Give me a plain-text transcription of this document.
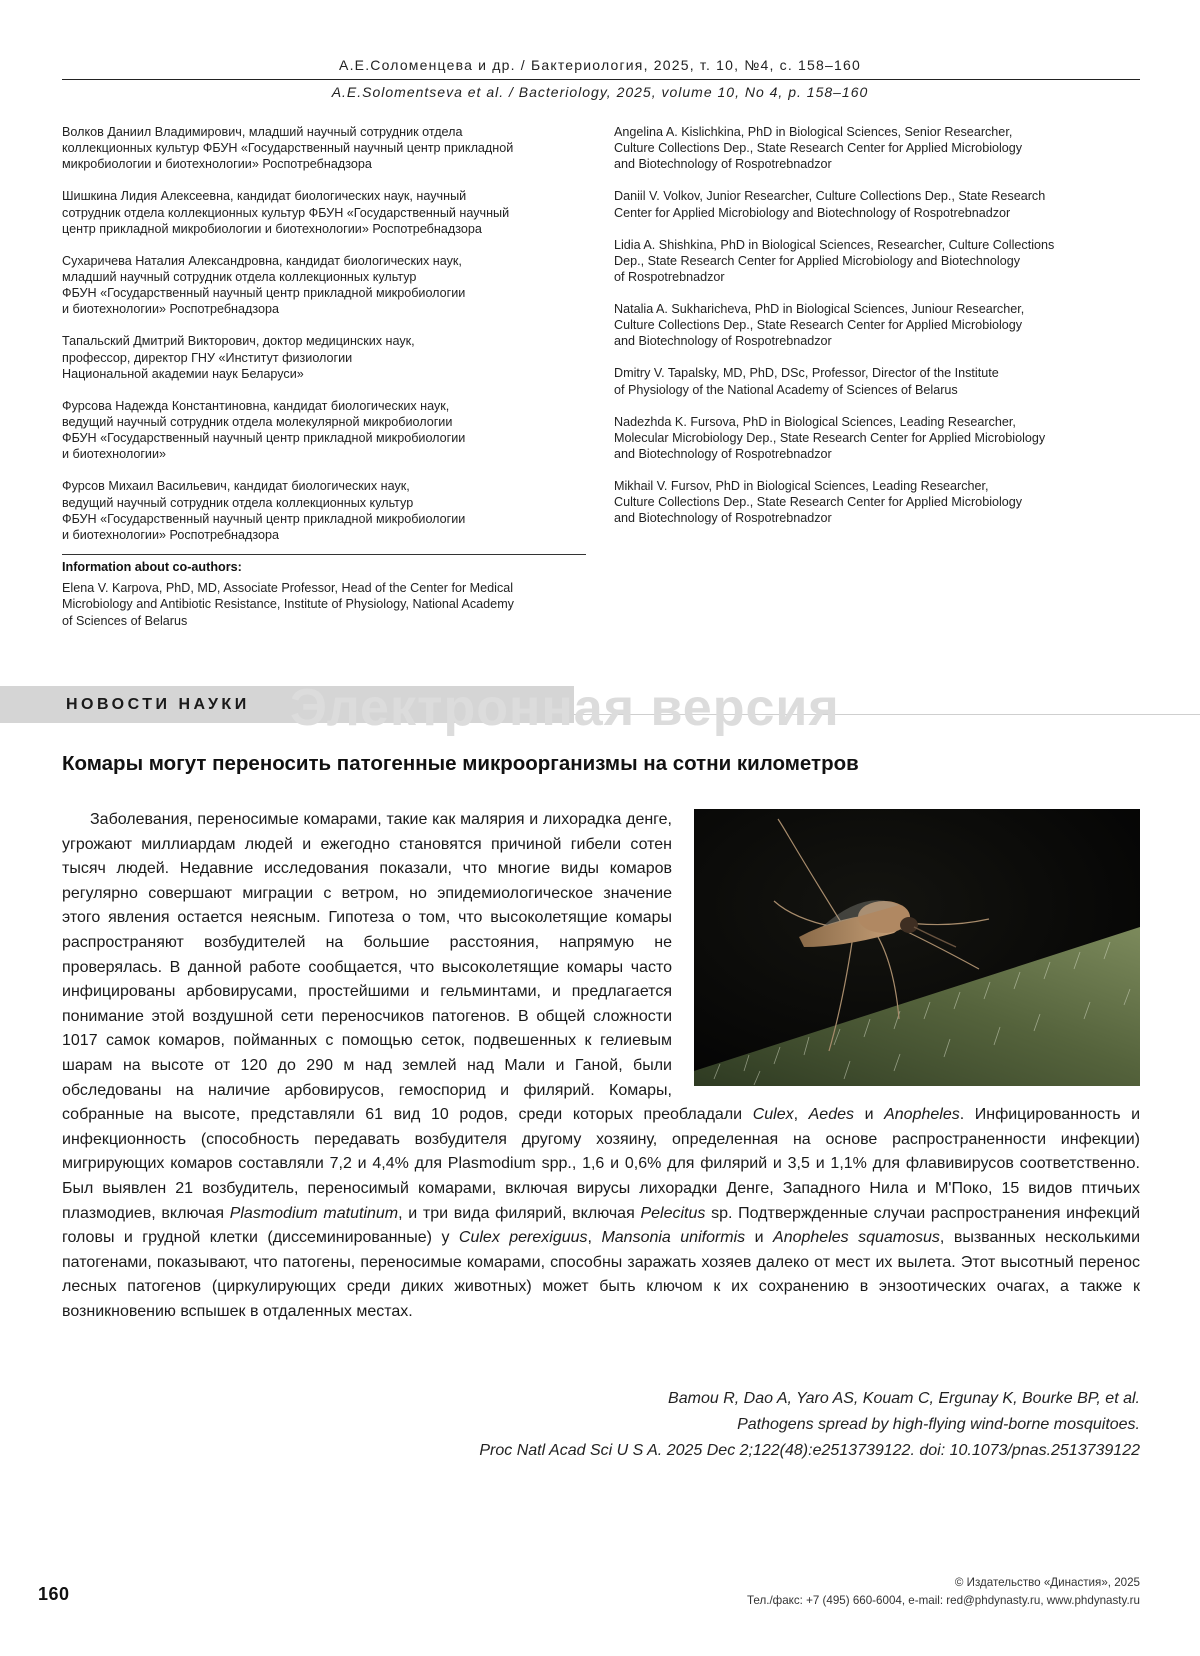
А.Е.Соломенцева и др. / Бактериология, 2025, т. 10, №4, с. 158–160
A.E.Solomentseva et al. / Bacteriology, 2025, volume 10, No 4, p. 158–160

Волков Даниил Владимирович, младший научный сотрудник отдела
коллекционных культур ФБУН «Государственный научный центр прикладной
микробиологии и биотехнологии» Роспотребнадзора

Шишкина Лидия Алексеевна, кандидат биологических наук, научный
сотрудник отдела коллекционных культур ФБУН «Государственный научный
центр прикладной микробиологии и биотехнологии» Роспотребнадзора

Сухаричева Наталия Александровна, кандидат биологических наук,
младший научный сотрудник отдела коллекционных культур
ФБУН «Государственный научный центр прикладной микробиологии
и биотехнологии» Роспотребнадзора

Тапальский Дмитрий Викторович, доктор медицинских наук,
профессор, директор ГНУ «Институт физиологии
Национальной академии наук Беларуси»

Фурсова Надежда Константиновна, кандидат биологических наук,
ведущий научный сотрудник отдела молекулярной микробиологии
ФБУН «Государственный научный центр прикладной микробиологии
и биотехнологии»

Фурсов Михаил Васильевич, кандидат биологических наук,
ведущий научный сотрудник отдела коллекционных культур
ФБУН «Государственный научный центр прикладной микробиологии
и биотехнологии» Роспотребнадзора

Angelina A. Kislichkina, PhD in Biological Sciences, Senior Researcher,
Culture Collections Dep., State Research Center for Applied Microbiology
and Biotechnology of Rospotrebnadzor

Daniil V. Volkov, Junior Researcher, Culture Collections Dep., State Research
Center for Applied Microbiology and Biotechnology of Rospotrebnadzor

Lidia A. Shishkina, PhD in Biological Sciences, Researcher, Culture Collections
Dep., State Research Center for Applied Microbiology and Biotechnology
of Rospotrebnadzor

Natalia A. Sukharicheva, PhD in Biological Sciences, Juniour Researcher,
Culture Collections Dep., State Research Center for Applied Microbiology
and Biotechnology of Rospotrebnadzor

Dmitry V. Tapalsky, MD, PhD, DSc, Professor, Director of the Institute
of Physiology of the National Academy of Sciences of Belarus

Nadezhda K. Fursova, PhD in Biological Sciences, Leading Researcher,
Molecular Microbiology Dep., State Research Center for Applied Microbiology
and Biotechnology of Rospotrebnadzor

Mikhail V. Fursov, PhD in Biological Sciences, Leading Researcher,
Culture Collections Dep., State Research Center for Applied Microbiology
and Biotechnology of Rospotrebnadzor

Information about co-authors:
Elena V. Karpova, PhD, MD, Associate Professor, Head of the Center for Medical
Microbiology and Antibiotic Resistance, Institute of Physiology, National Academy
of Sciences of Belarus
Электронная версия
НОВОСТИ НАУКИ
Комары могут переносить патогенные микроорганизмы на сотни километров

Заболевания, переносимые комарами, такие как малярия и лихорадка денге, угрожают миллиардам людей и ежегодно становятся причиной гибели сотен тысяч людей. Недавние исследования показали, что многие виды комаров регулярно совершают миграции с ветром, но эпидемиологическое значение этого явления остается неясным. Гипотеза о том, что высоколетящие комары распространяют возбудителей на большие расстояния, напрямую не проверялась. В данной работе сообщается, что высоколетящие комары часто инфицированы арбовирусами, простейшими и гельминтами, и предлагается понимание этой воздушной сети переносчиков патогенов. В общей сложности 1017 самок комаров, пойманных с помощью сеток, подвешенных к гелиевым шарам на высоте от 120 до 290 м над землей над Мали и Ганой, были обследованы на наличие арбовирусов, гемоспорид и филярий. Комары, собранные на высоте, представляли 61 вид 10 родов, среди которых преобладали Culex, Aedes и Anopheles. Инфицированность и инфекционность (способность передавать возбудителя другому хозяину, определенная на основе распространенности инфекции) мигрирующих комаров составляли 7,2 и 4,4% для Plasmodium spp., 1,6 и 0,6% для филярий и 3,5 и 1,1% для флавивирусов соответственно. Был выявлен 21 возбудитель, переносимый комарами, включая вирусы лихорадки Денге, Западного Нила и М'Поко, 15 видов птичьих плазмодиев, включая Plasmodium matutinum, и три вида филярий, включая Pelecitus sp. Подтвержденные случаи распространения инфекций головы и грудной клетки (диссеминированные) у Culex perexiguus, Mansonia uniformis и Anopheles squamosus, вызванных несколькими патогенами, показывают, что патогены, переносимые комарами, способны заражать хозяев далеко от мест их вылета. Этот высотный перенос лесных патогенов (циркулирующих среди диких животных) может быть ключом к их сохранению в энзоотических очагах, а также к возникновению вспышек в отдаленных местах.

Bamou R, Dao A, Yaro AS, Kouam C, Ergunay K, Bourke BP, et al.
Pathogens spread by high-flying wind-borne mosquitoes.
Proc Natl Acad Sci U S A. 2025 Dec 2;122(48):e2513739122. doi: 10.1073/pnas.2513739122
160
© Издательство «Династия», 2025
Тел./факс: +7 (495) 660-6004, e-mail: red@phdynasty.ru, www.phdynasty.ru
